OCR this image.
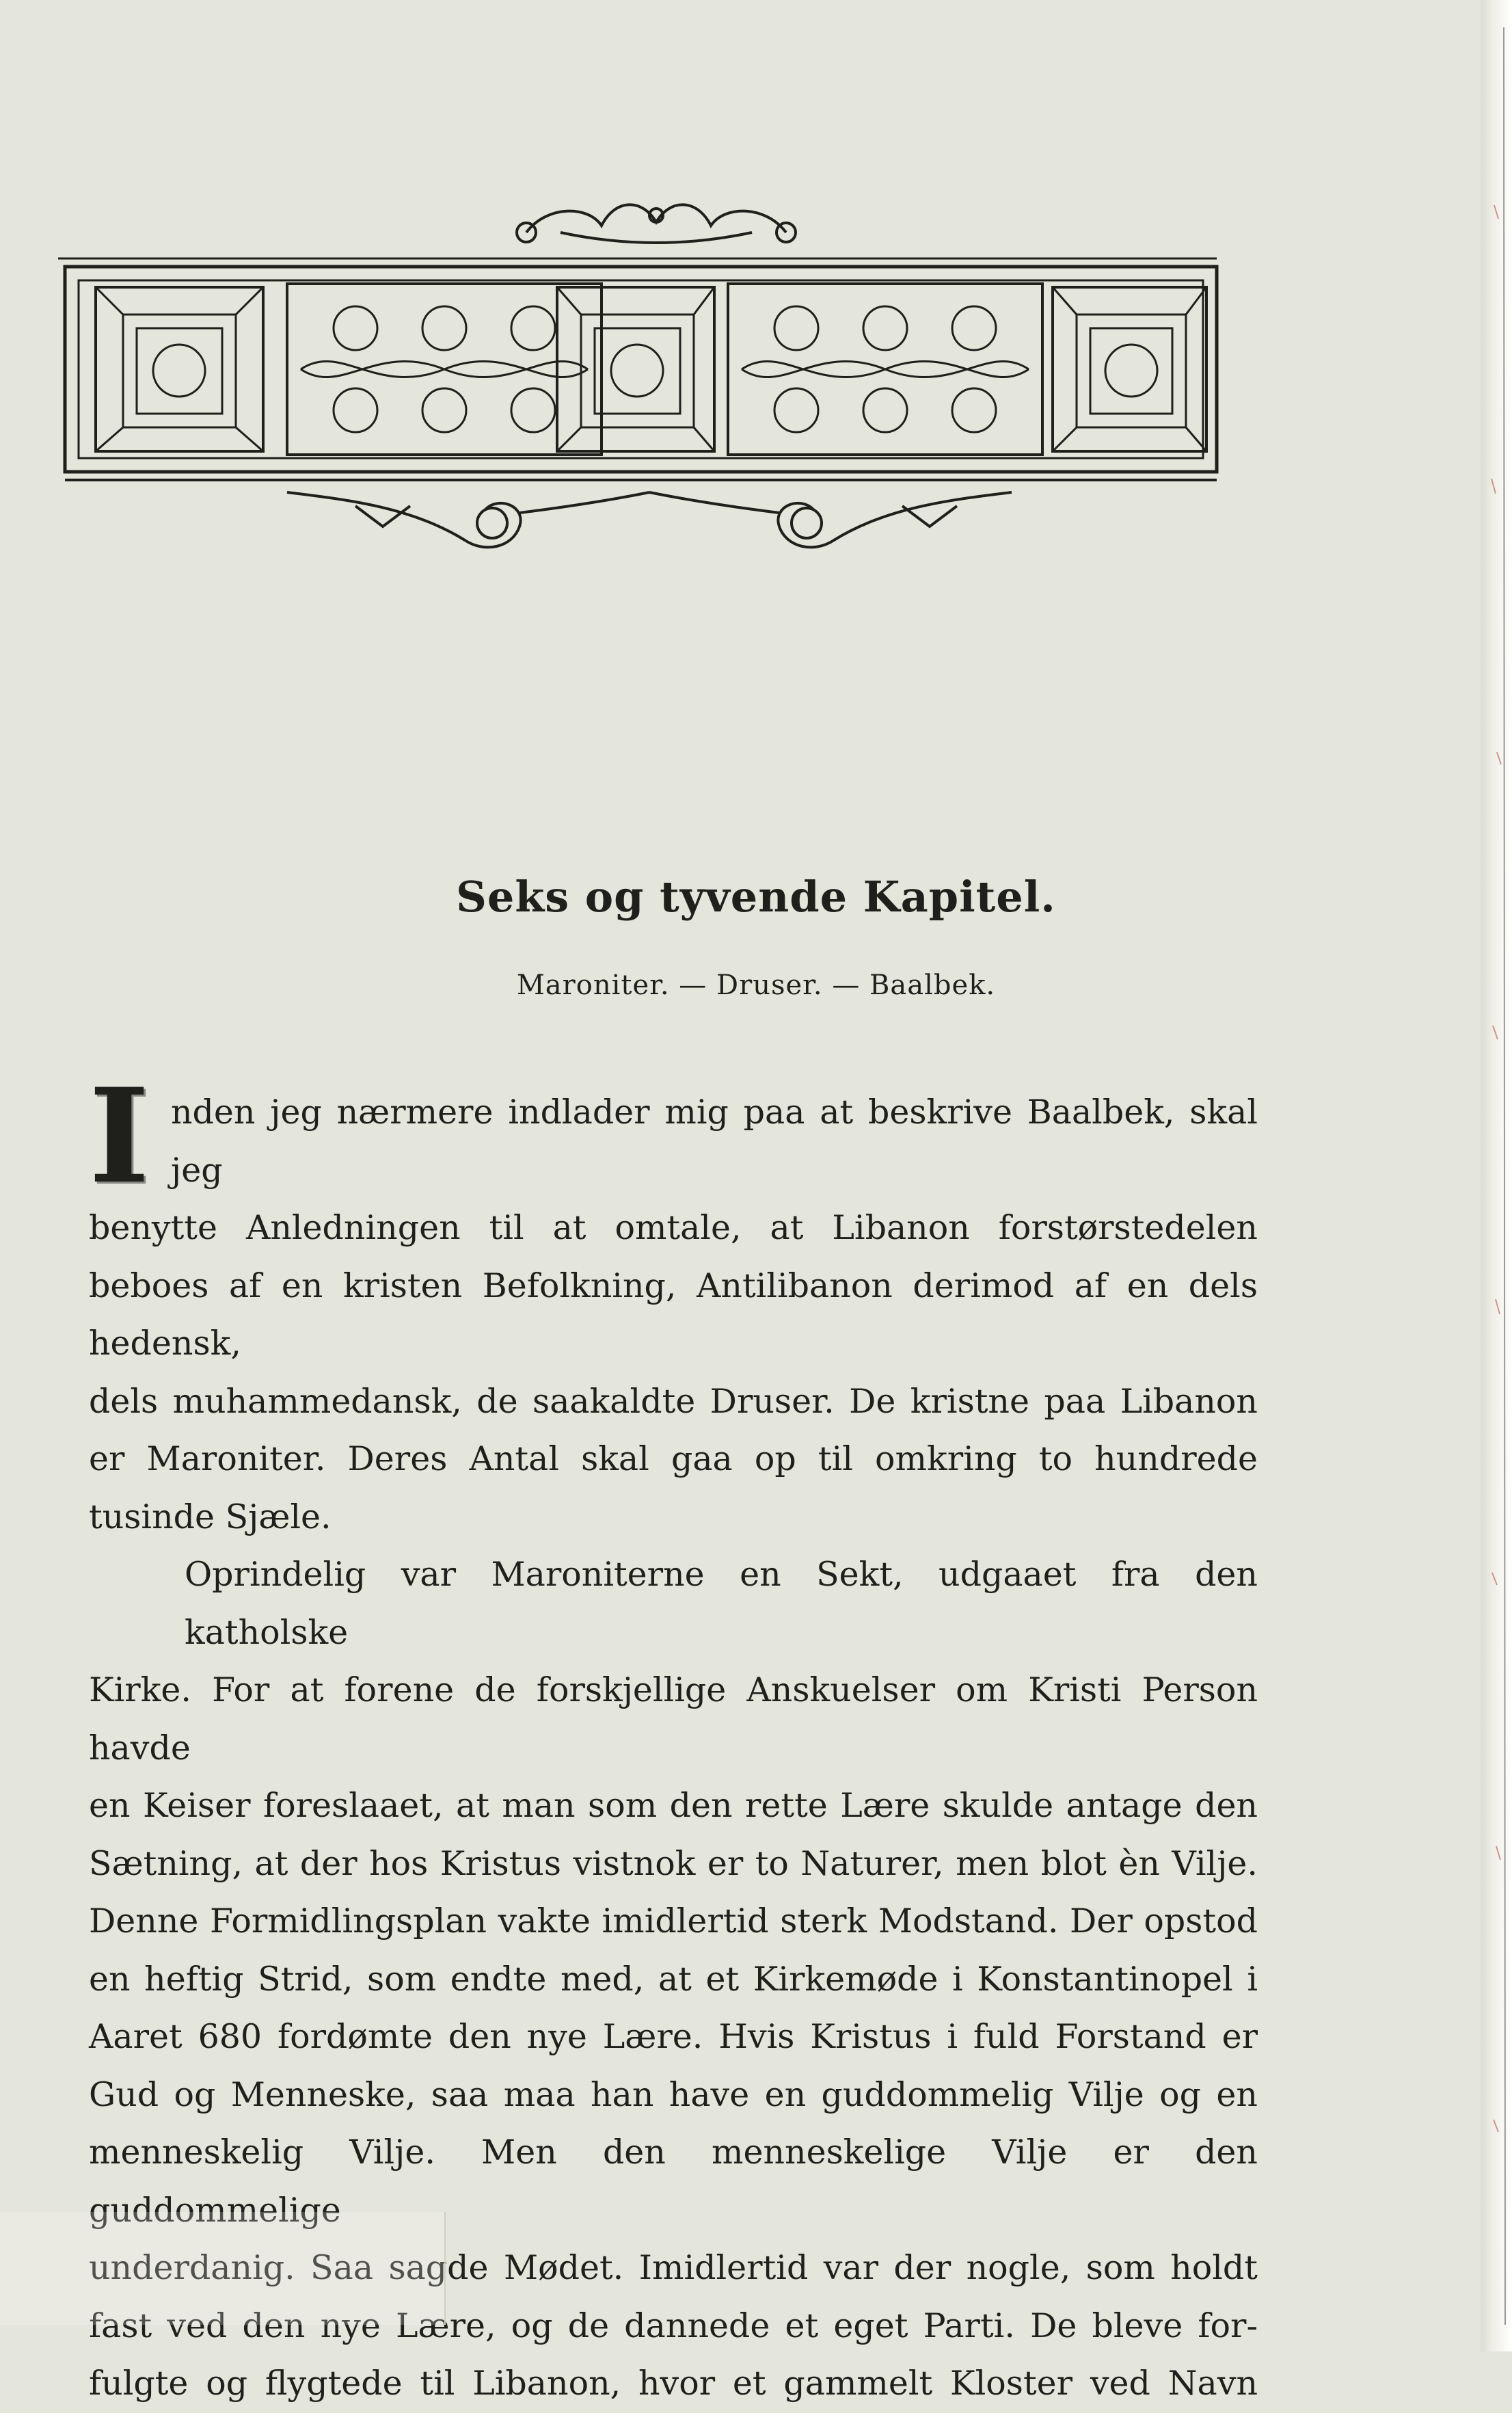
Seks og tyvende Kapitel.
Maroniter. — Druser. — Baalbek.

I nden jeg nærmere indlader mig paa at beskrive Baalbek, skal jeg
benytte Anledningen til at omtale, at Libanon forstørstedelen
beboes af en kristen Befolkning, Antilibanon derimod af en dels hedensk,
dels muhammedansk, de saakaldte Druser. De kristne paa Libanon
er Maroniter. Deres Antal skal gaa op til omkring to hundrede
tusinde Sjæle.

Oprindelig var Maroniterne en Sekt, udgaaet fra den katholske
Kirke. For at forene de forskjellige Anskuelser om Kristi Person havde
en Keiser foreslaaet, at man som den rette Lære skulde antage den
Sætning, at der hos Kristus vistnok er to Naturer, men blot èn Vilje.
Denne Formidlingsplan vakte imidlertid sterk Modstand. Der opstod
en heftig Strid, som endte med, at et Kirkemøde i Konstantinopel i
Aaret 680 fordømte den nye Lære. Hvis Kristus i fuld Forstand er
Gud og Menneske, saa maa han have en guddommelig Vilje og en
menneskelig Vilje. Men den menneskelige Vilje er den guddommelige
underdanig. Saa sagde Mødet. Imidlertid var der nogle, som holdt
fast ved den nye Lære, og de dannede et eget Parti. De bleve for-
fulgte og flygtede til Libanon, hvor et gammelt Kloster ved Navn
